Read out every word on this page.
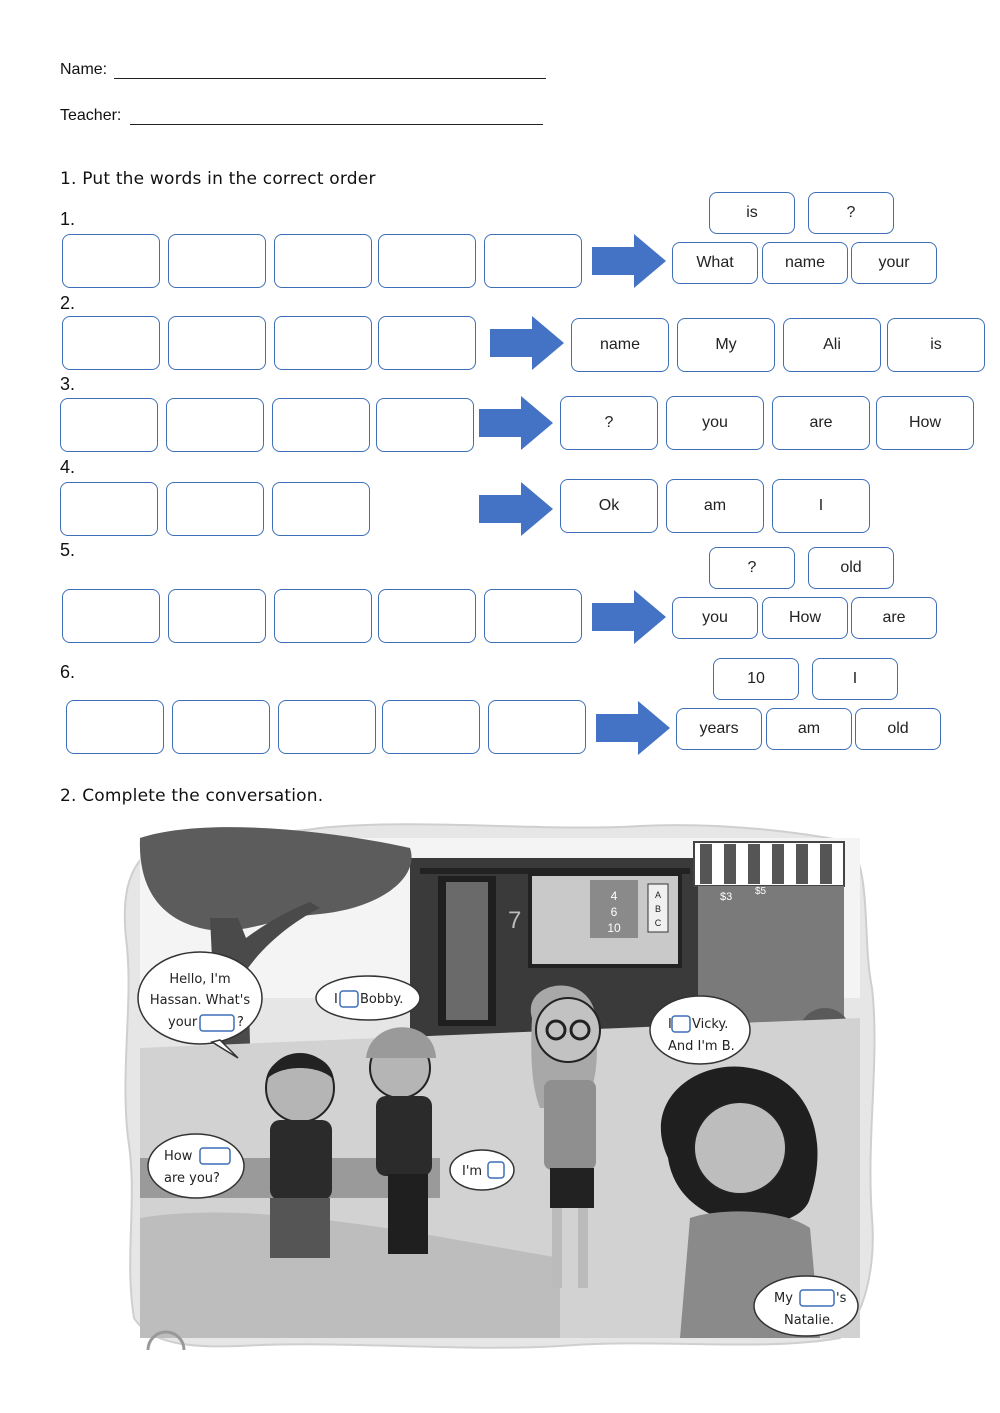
Name:
Teacher:
1. Put the words in the correct order
1.	is	?
What	name	your
2.
name	My	Ali	is
3.
?	you	are	How
4.
Ok	am	I
5.
?	old
you	How	are
6.	10	I
years	am	old
2. Complete the conversation.
4
6
10
A
B
C
7
$3 $5
Hello, I'm
Hassan. What's
your	?
I Bobby.
I Vicky.
And I'm B.
How
are you?	I'm
My	's
Natalie.
